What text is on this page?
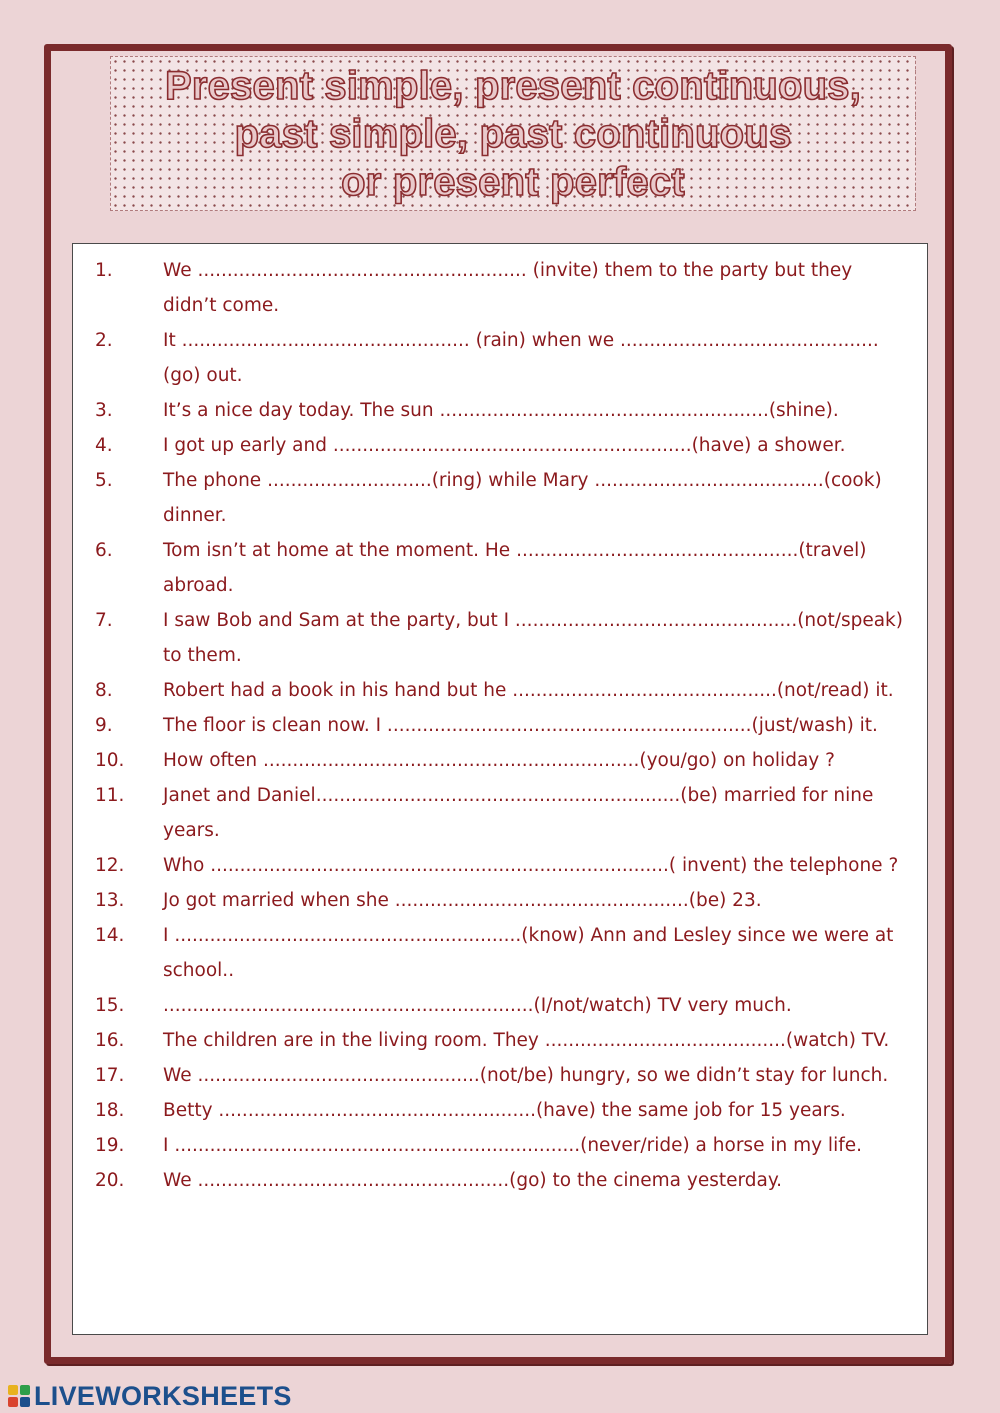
Present simple, present continuous,
past simple, past continuous
or present perfect
1.	We ........................................................ (invite) them to the party but they didn’t come.
2.	It ................................................. (rain) when we ............................................(go) out.
3.	It’s a nice day today. The sun ........................................................(shine).
4.	I got up early and .............................................................(have) a shower.
5.	The phone ............................(ring) while Mary .......................................(cook) dinner.
6.	Tom isn’t at home at the moment. He ................................................(travel) abroad.
7.	I saw Bob and Sam at the party, but I ................................................(not/speak) to them.
8.	Robert had a book in his hand but he .............................................(not/read) it.
9.	The floor is clean now. I ..............................................................(just/wash) it.
10.	How often ................................................................(you/go) on holiday ?
11.	Janet and Daniel..............................................................(be) married for nine years.
12.	Who ..............................................................................( invent) the telephone ?
13.	Jo got married when she ..................................................(be) 23.
14.	I ...........................................................(know) Ann and Lesley since we were at school..
15.	...............................................................(I/not/watch) TV very much.
16.	The children are in the living room. They .........................................(watch) TV.
17.	We ................................................(not/be) hungry, so we didn’t stay for lunch.
18.	Betty ......................................................(have) the same job for 15 years.
19.	I .....................................................................(never/ride) a horse in my life.
20.	We .....................................................(go) to the cinema yesterday.
LIVEWORKSHEETS
